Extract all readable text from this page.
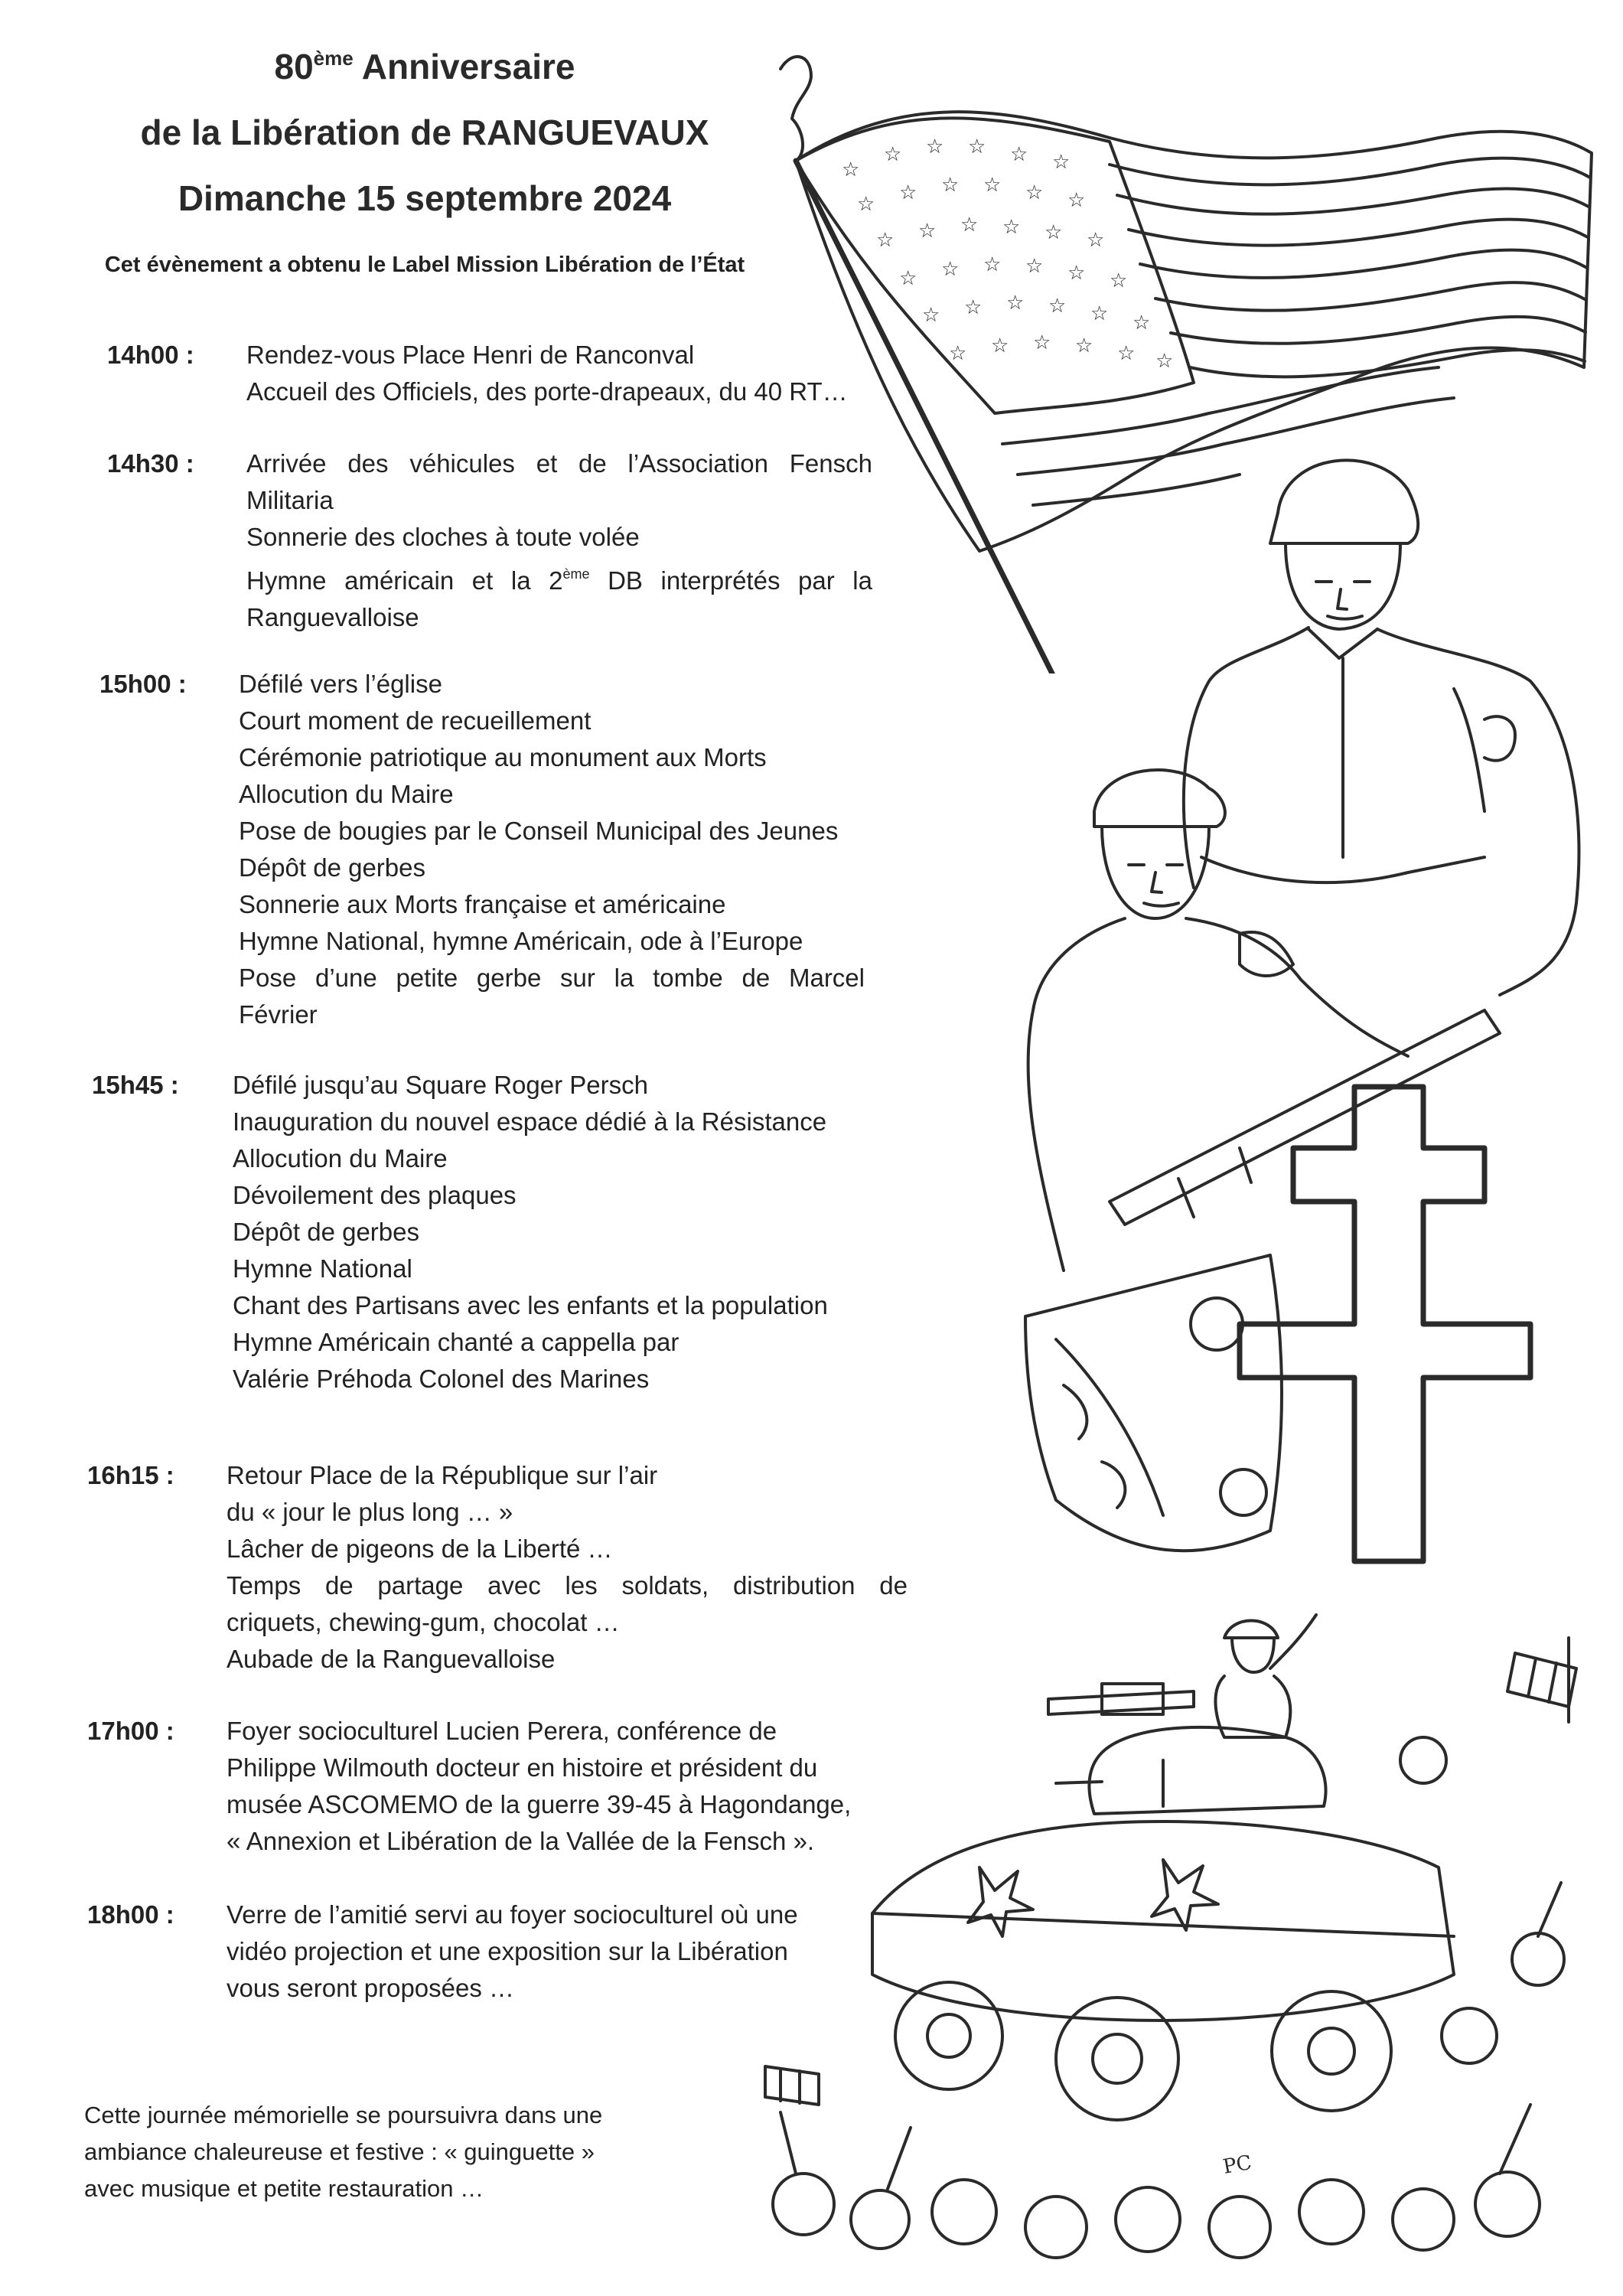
80ème Anniversaire
de la Libération de RANGUEVAUX
Dimanche 15 septembre 2024
Cet évènement a obtenu le Label Mission Libération de l’État
14h00 : Rendez-vous Place Henri de Ranconval
Accueil des Officiels, des porte-drapeaux, du 40 RT…
14h30 : Arrivée des véhicules et de l’Association Fensch
Militaria
Sonnerie des cloches à toute volée
Hymne américain et la 2ème DB interprétés par la
Ranguevalloise
15h00 : Défilé vers l’église
Court moment de recueillement
Cérémonie patriotique au monument aux Morts
Allocution du Maire
Pose de bougies par le Conseil Municipal des Jeunes
Dépôt de gerbes
Sonnerie aux Morts française et américaine
Hymne National, hymne Américain, ode à l’Europe
Pose d’une petite gerbe sur la tombe de Marcel
Février
15h45 : Défilé jusqu’au Square Roger Persch
Inauguration du nouvel espace dédié à la Résistance
Allocution du Maire
Dévoilement des plaques
Dépôt de gerbes
Hymne National
Chant des Partisans avec les enfants et la population
Hymne Américain chanté a cappella par
Valérie Préhoda Colonel des Marines
16h15 : Retour Place de la République sur l’air
du « jour le plus long … »
Lâcher de pigeons de la Liberté …
Temps de partage avec les soldats, distribution de
criquets, chewing-gum, chocolat …
Aubade de la Ranguevalloise
17h00 : Foyer socioculturel Lucien Perera, conférence de
Philippe Wilmouth docteur en histoire et président du
musée ASCOMEMO de la guerre 39-45 à Hagondange,
« Annexion et Libération de la Vallée de la Fensch ».
18h00 : Verre de l’amitié servi au foyer socioculturel où une
vidéo projection et une exposition sur la Libération
vous seront proposées …
Cette journée mémorielle se poursuivra dans une
ambiance chaleureuse et festive : « guinguette »
avec musique et petite restauration …
☆
☆ ☆ ☆ ☆ ☆
☆ ☆ ☆ ☆ ☆ ☆
☆ ☆ ☆ ☆ ☆ ☆
☆ ☆ ☆ ☆ ☆ ☆
☆ ☆ ☆ ☆ ☆ ☆
☆ ☆ ☆ ☆ ☆ ☆
PC
